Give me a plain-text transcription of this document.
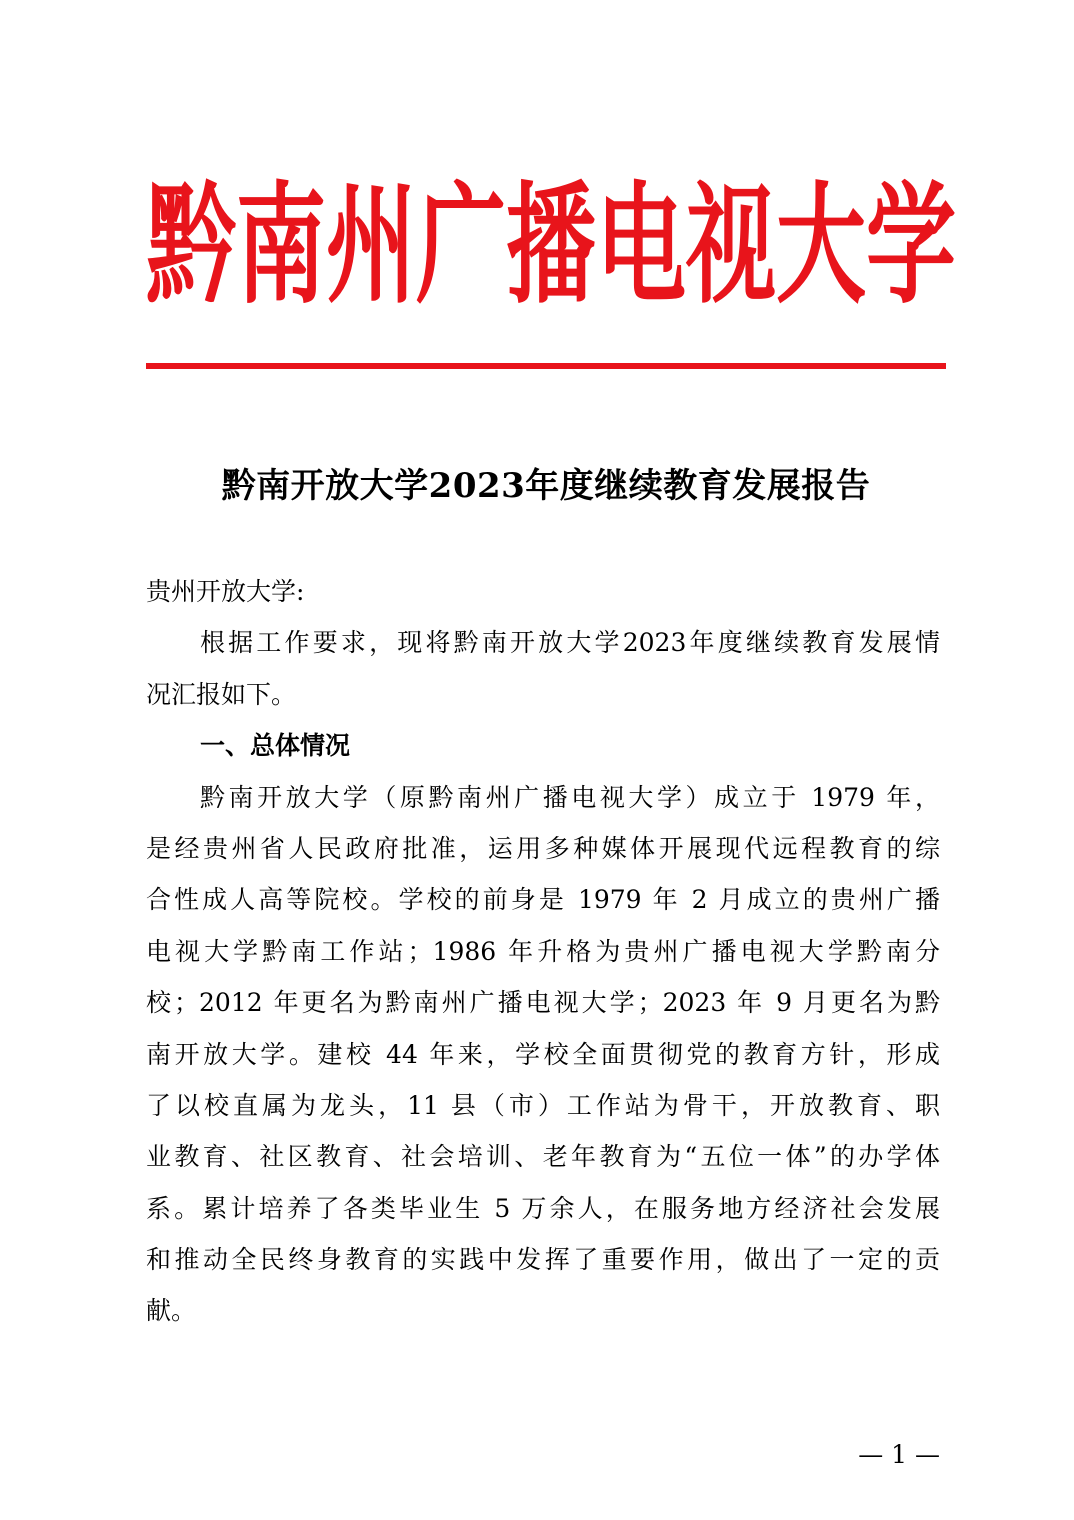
黔 南 州 广 播 电 视 大 学
黔南开放大学2023年度继续教育发展报告
贵州开放大学:
根据工作要求，现将黔南开放大学2023年度继续教育发展情
况汇报如下。
一、总体情况
黔南开放大学（原黔南州广播电视大学）成立于 1979 年，
是经贵州省人民政府批准，运用多种媒体开展现代远程教育的综
合性成人高等院校。学校的前身是 1979 年 2 月成立的贵州广播
电视大学黔南工作站；1986 年升格为贵州广播电视大学黔南分
校；2012 年更名为黔南州广播电视大学；2023 年 9 月更名为黔
南开放大学。建校 44 年来，学校全面贯彻党的教育方针，形成
了以校直属为龙头，11 县（市）工作站为骨干，开放教育、职
业教育、社区教育、社会培训、老年教育为“五位一体”的办学体
系。累计培养了各类毕业生 5 万余人，在服务地方经济社会发展
和推动全民终身教育的实践中发挥了重要作用，做出了一定的贡
献。
— 1 —
